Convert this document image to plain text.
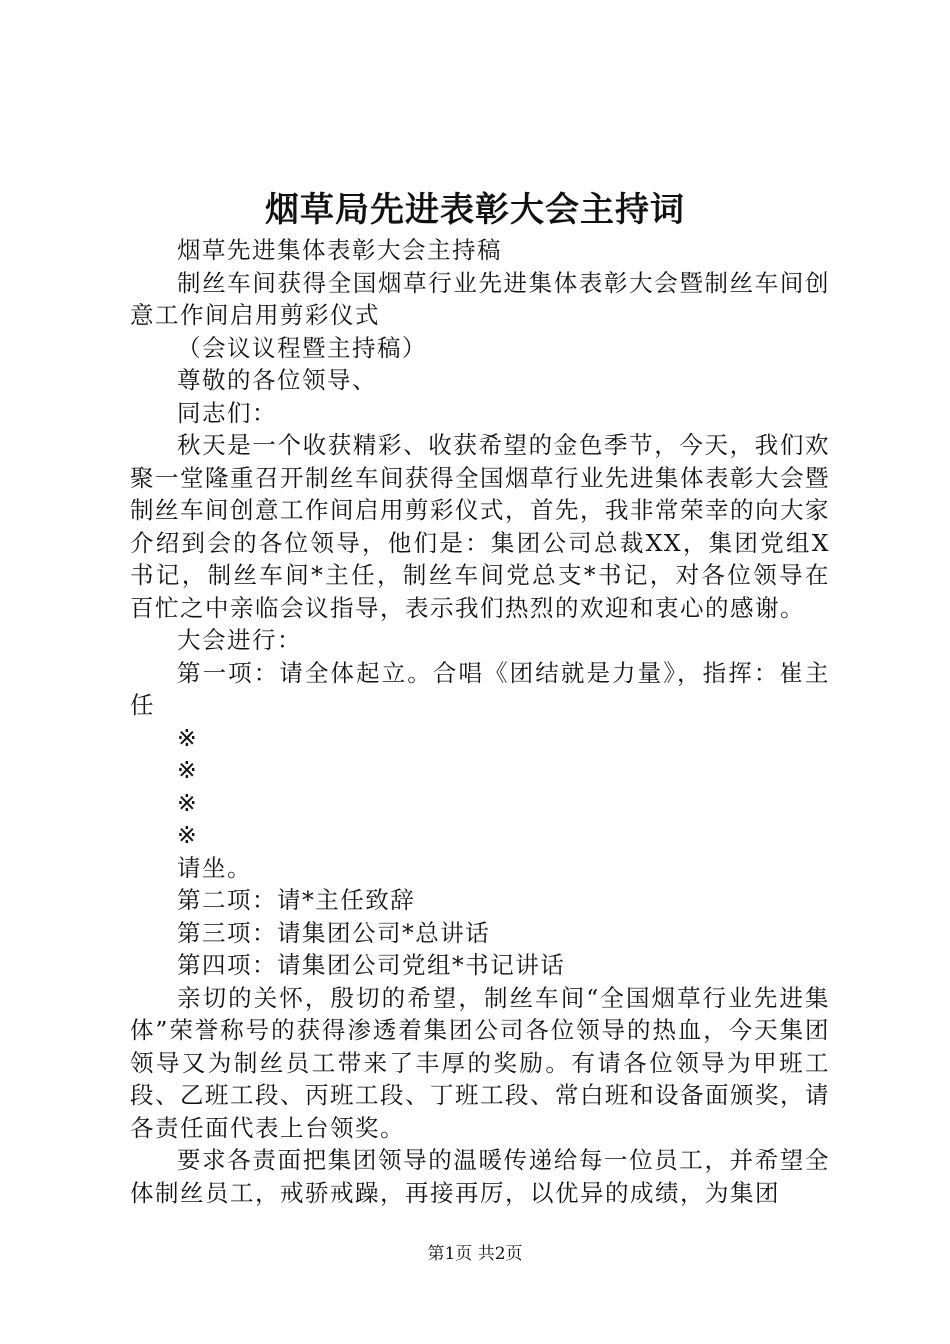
烟草局先进表彰大会主持词

烟草先进集体表彰大会主持稿

制丝车间获得全国烟草行业先进集体表彰大会暨制丝车间创意工作间启用剪彩仪式

（会议议程暨主持稿）

尊敬的各位领导、

同志们：

秋天是一个收获精彩、收获希望的金色季节，今天，我们欢聚一堂隆重召开制丝车间获得全国烟草行业先进集体表彰大会暨制丝车间创意工作间启用剪彩仪式，首先，我非常荣幸的向大家介绍到会的各位领导，他们是：集团公司总裁XX，集团党组X书记，制丝车间*主任，制丝车间党总支*书记，对各位领导在百忙之中亲临会议指导，表示我们热烈的欢迎和衷心的感谢。

大会进行：

第一项：请全体起立。合唱《团结就是力量》，指挥：崔主任

※

※

※

※

请坐。

第二项：请*主任致辞

第三项：请集团公司*总讲话

第四项：请集团公司党组*书记讲话

亲切的关怀，殷切的希望，制丝车间“全国烟草行业先进集体”荣誉称号的获得渗透着集团公司各位领导的热血，今天集团领导又为制丝员工带来了丰厚的奖励。有请各位领导为甲班工段、乙班工段、丙班工段、丁班工段、常白班和设备面颁奖，请各责任面代表上台领奖。

要求各责面把集团领导的温暖传递给每一位员工，并希望全体制丝员工，戒骄戒躁，再接再厉，以优异的成绩，为集团

第1页 共2页
